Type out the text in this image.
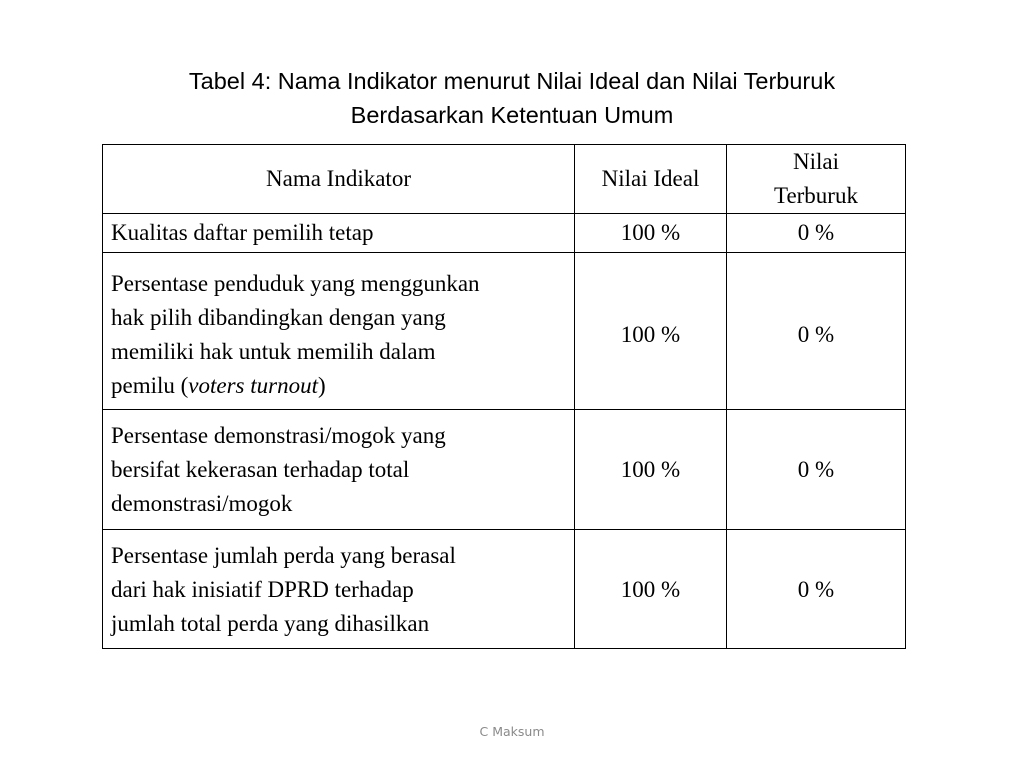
Tabel 4: Nama Indikator menurut Nilai Ideal dan Nilai Terburuk
Berdasarkan Ketentuan Umum
Nama Indikator	Nilai Ideal	Nilai
Terburuk

Kualitas daftar pemilih tetap	100 %	0 %

Persentase penduduk yang menggunkan
hak pilih dibandingkan dengan yang
memiliki hak untuk memilih dalam
pemilu (voters turnout)	100 %	0 %

Persentase demonstrasi/mogok yang
bersifat kekerasan terhadap total
demonstrasi/mogok	100 %	0 %

Persentase jumlah perda yang berasal
dari hak inisiatif DPRD terhadap
jumlah total perda yang dihasilkan	100 %	0 %
C Maksum
